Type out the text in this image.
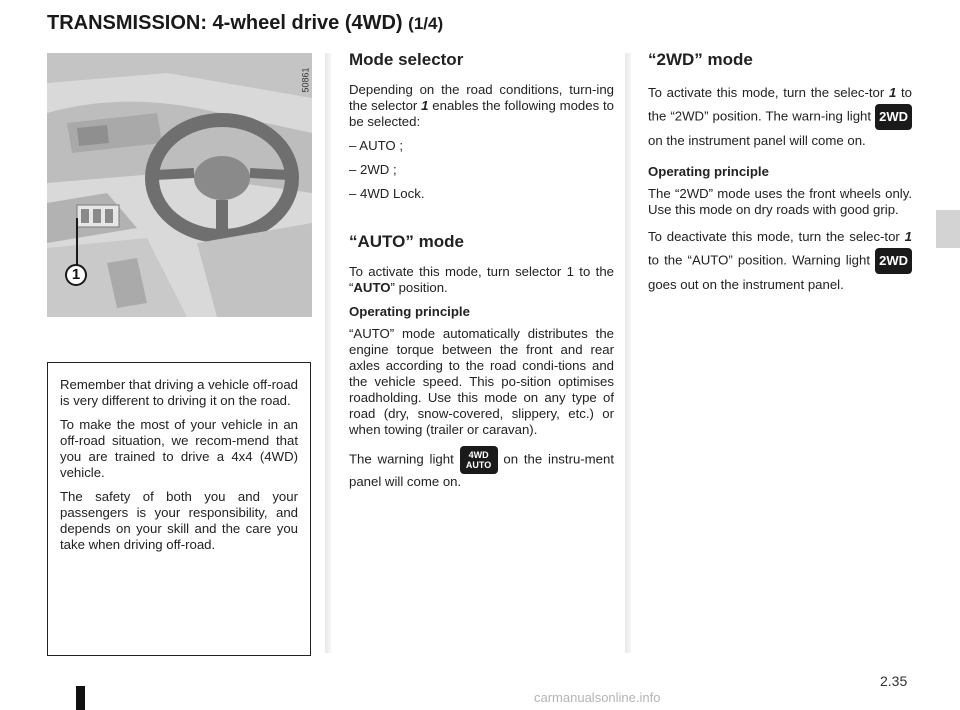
TRANSMISSION: 4-wheel drive (4WD) (1/4)
1
50861
Mode selector

Depending on the road conditions, turn-ing the selector 1 enables the following modes to be selected:

– AUTO ;

– 2WD ;

– 4WD Lock.

“AUTO” mode

To activate this mode, turn selector 1 to the “AUTO” position.

Operating principle

“AUTO” mode automatically distributes the engine torque between the front and rear axles according to the road condi-tions and the vehicle speed. This po-sition optimises roadholding. Use this mode on any type of road (dry, snow-covered, slippery, etc.) or when towing (trailer or caravan).

The warning light	4WD
AUTO on the instru-ment panel will come on.

“2WD” mode

To activate this mode, turn the selec-tor 1 to the “2WD” position. The warn-ing light 2WD on the instrument panel will come on.

Operating principle

The “2WD” mode uses the front wheels only. Use this mode on dry roads with good grip.

To deactivate this mode, turn the selec-tor 1 to the “AUTO” position. Warning light 2WD goes out on the instrument panel.

Remember that driving a vehicle off-road is very different to driving it on the road.

To make the most of your vehicle in an off-road situation, we recom-mend that you are trained to drive a 4x4 (4WD) vehicle.

The safety of both you and your passengers is your responsibility, and depends on your skill and the care you take when driving off-road.

2.35
carmanualsonline.info
